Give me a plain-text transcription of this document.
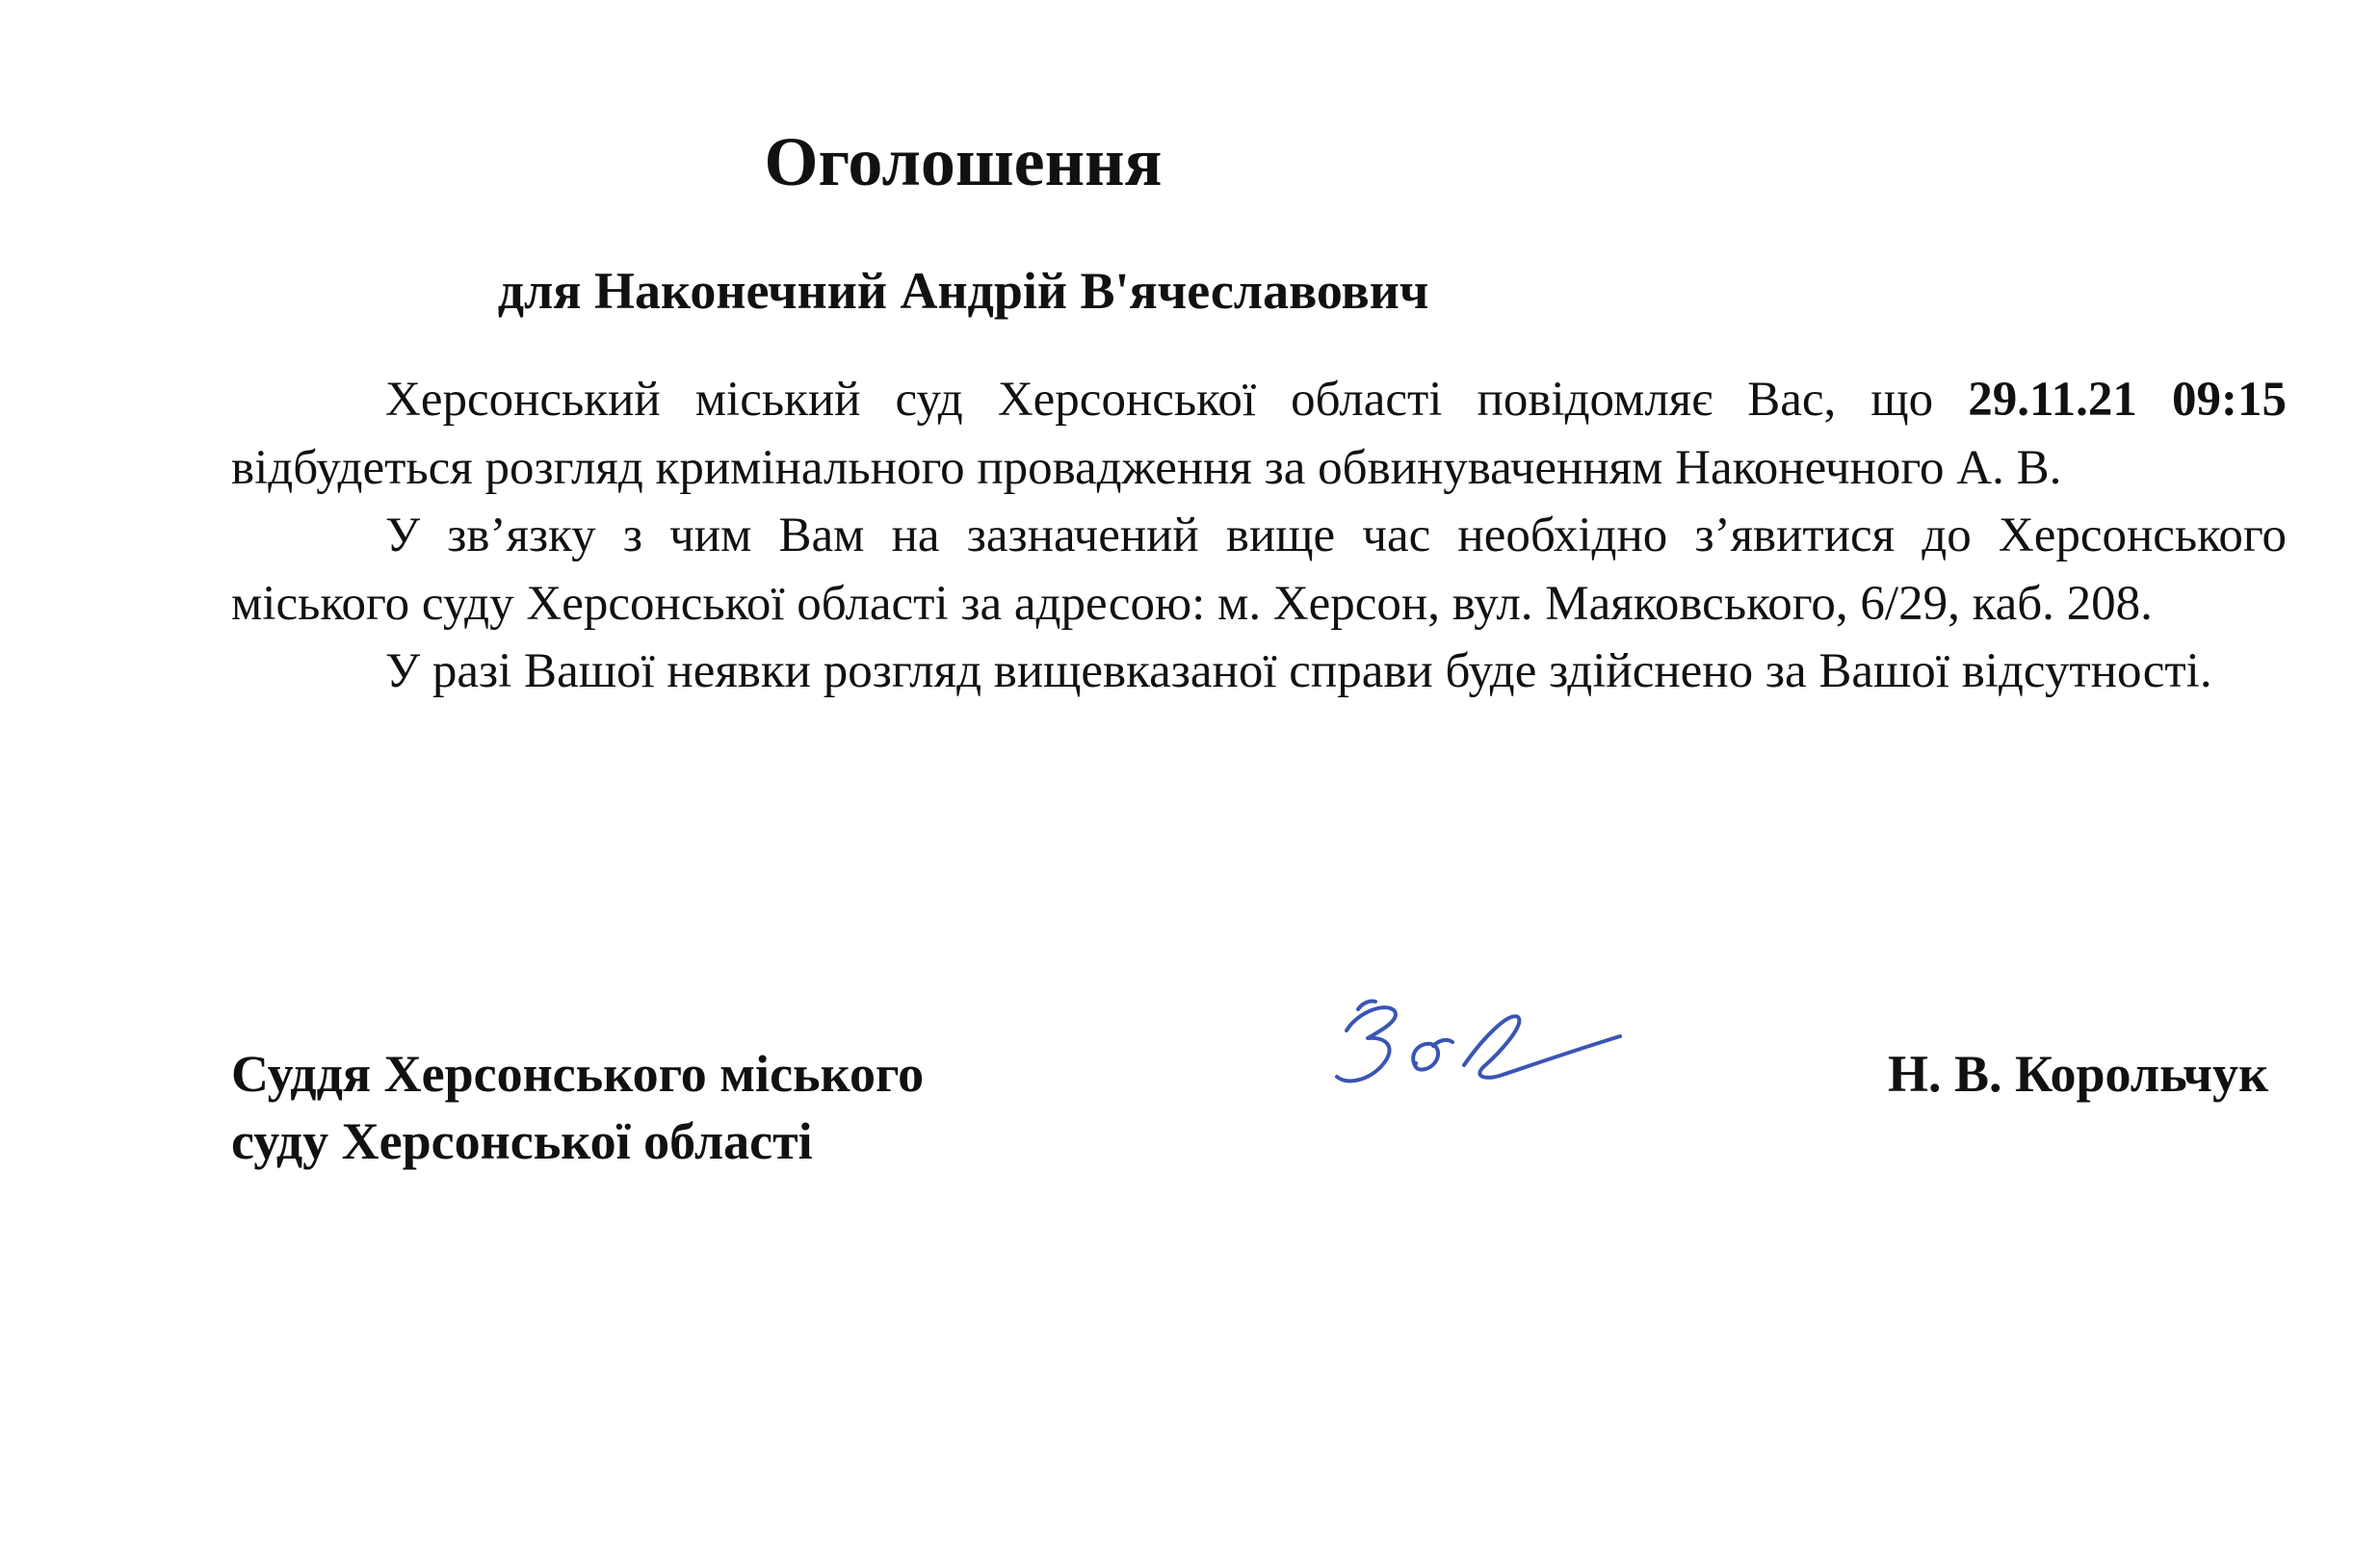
Оголошення
для Наконечний Андрій В'ячеславович

Херсонський міський суд Херсонської області повідомляє Вас, що 29.11.21 09:15 відбудеться розгляд кримінального провадження за обвинуваченням Наконечного А. В.

У зв’язку з чим Вам на зазначений вище час необхідно з’явитися до Херсонського міського суду Херсонської області за адресою: м. Херсон, вул. Маяковського, 6/29, каб. 208.

У разі Вашої неявки розгляд вищевказаної справи буде здійснено за Вашої відсутності.

Суддя Херсонського міського
суду Херсонської області
Н. В. Корольчук
